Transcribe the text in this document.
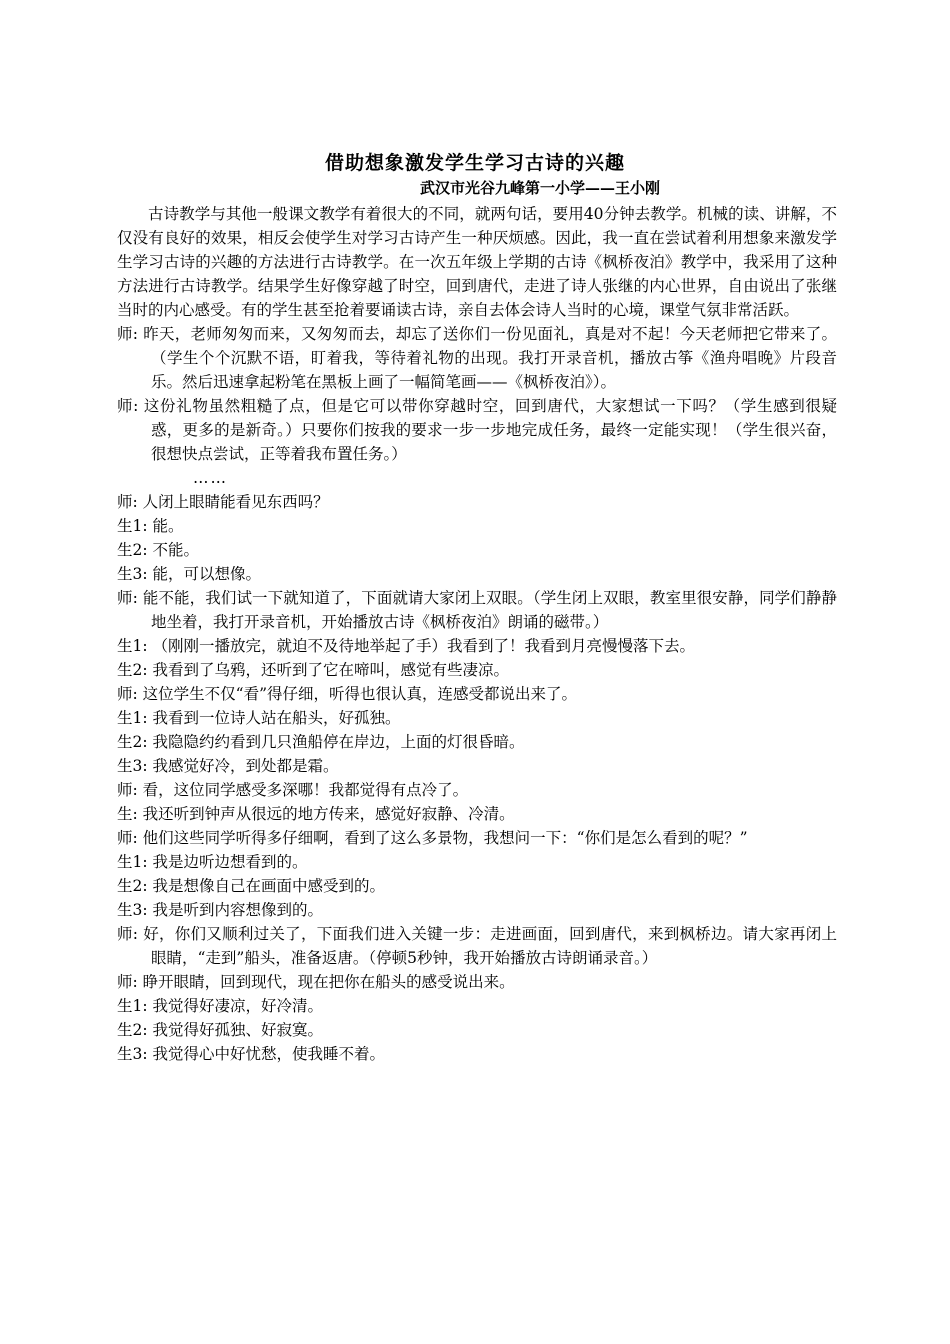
借助想象激发学生学习古诗的兴趣

武汉市光谷九峰第一小学——王小刚

古诗教学与其他一般课文教学有着很大的不同，就两句话，要用40分钟去教学。机械的读、讲解，不仅没有良好的效果，相反会使学生对学习古诗产生一种厌烦感。因此，我一直在尝试着利用想象来激发学生学习古诗的兴趣的方法进行古诗教学。在一次五年级上学期的古诗《枫桥夜泊》教学中，我采用了这种方法进行古诗教学。结果学生好像穿越了时空，回到唐代，走进了诗人张继的内心世界，自由说出了张继当时的内心感受。有的学生甚至抢着要诵读古诗，亲自去体会诗人当时的心境，课堂气氛非常活跃。

师: 昨天，老师匆匆而来，又匆匆而去，却忘了送你们一份见面礼，真是对不起！今天老师把它带来了。（学生个个沉默不语，盯着我，等待着礼物的出现。我打开录音机，播放古筝《渔舟唱晚》片段音乐。然后迅速拿起粉笔在黑板上画了一幅简笔画——《枫桥夜泊》）。

师: 这份礼物虽然粗糙了点，但是它可以带你穿越时空，回到唐代，大家想试一下吗？（学生感到很疑惑，更多的是新奇。）只要你们按我的要求一步一步地完成任务，最终一定能实现！（学生很兴奋，很想快点尝试，正等着我布置任务。）

……

师: 人闭上眼睛能看见东西吗？

生1: 能。

生2: 不能。

生3: 能，可以想像。

师: 能不能，我们试一下就知道了，下面就请大家闭上双眼。（学生闭上双眼，教室里很安静，同学们静静地坐着，我打开录音机，开始播放古诗《枫桥夜泊》朗诵的磁带。）

生1: （刚刚一播放完，就迫不及待地举起了手）我看到了！我看到月亮慢慢落下去。

生2: 我看到了乌鸦，还听到了它在啼叫，感觉有些凄凉。

师: 这位学生不仅“看”得仔细，听得也很认真，连感受都说出来了。

生1: 我看到一位诗人站在船头，好孤独。

生2: 我隐隐约约看到几只渔船停在岸边，上面的灯很昏暗。

生3: 我感觉好冷，到处都是霜。

师: 看，这位同学感受多深哪！我都觉得有点冷了。

生: 我还听到钟声从很远的地方传来，感觉好寂静、冷清。

师: 他们这些同学听得多仔细啊，看到了这么多景物，我想问一下：“你们是怎么看到的呢？”

生1: 我是边听边想看到的。

生2: 我是想像自己在画面中感受到的。

生3: 我是听到内容想像到的。

师: 好，你们又顺利过关了，下面我们进入关键一步：走进画面，回到唐代，来到枫桥边。请大家再闭上眼睛，“走到”船头，准备返唐。（停顿5秒钟，我开始播放古诗朗诵录音。）

师: 睁开眼睛，回到现代，现在把你在船头的感受说出来。

生1: 我觉得好凄凉，好冷清。

生2: 我觉得好孤独、好寂寞。

生3: 我觉得心中好忧愁，使我睡不着。
